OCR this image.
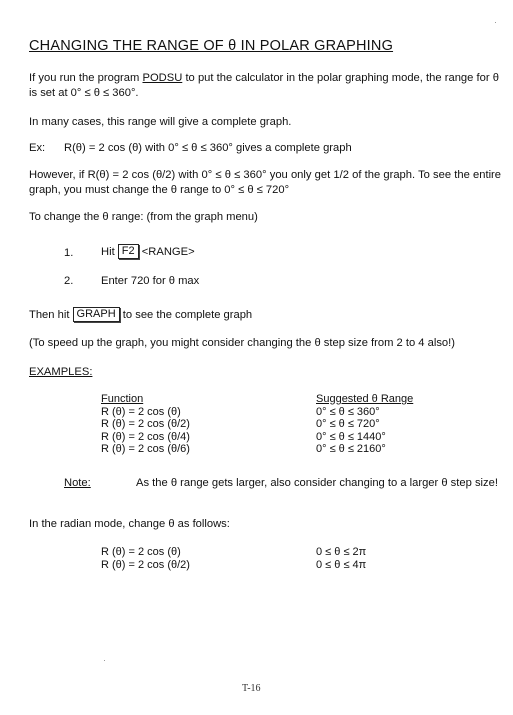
CHANGING THE RANGE OF θ IN POLAR GRAPHING
If you run the program PODSU to put the calculator in the polar graphing mode, the range for θ is set at 0° ≤ θ ≤ 360°.
In many cases, this range will give a complete graph.
Ex: R(θ) = 2 cos (θ) with 0° ≤ θ ≤ 360° gives a complete graph
However, if R(θ) = 2 cos (θ/2) with 0° ≤ θ ≤ 360° you only get 1/2 of the graph. To see the entire graph, you must change the θ range to 0° ≤ θ ≤ 720°
To change the θ range: (from the graph menu)
1. Hit F2 <RANGE>
2. Enter 720 for θ max
Then hit GRAPH to see the complete graph
(To speed up the graph, you might consider changing the θ step size from 2 to 4 also!)
EXAMPLES:
Function
R (θ) = 2 cos (θ)
R (θ) = 2 cos (θ/2)
R (θ) = 2 cos (θ/4)
R (θ) = 2 cos (θ/6)
Suggested θ Range
0° ≤ θ ≤ 360°
0° ≤ θ ≤ 720°
0° ≤ θ ≤ 1440°
0° ≤ θ ≤ 2160°
Note:	As the θ range gets larger, also consider changing to a larger θ step size!
In the radian mode, change θ as follows:
R (θ) = 2 cos (θ)
R (θ) = 2 cos (θ/2)
0 ≤ θ ≤ 2π
0 ≤ θ ≤ 4π
T-16
